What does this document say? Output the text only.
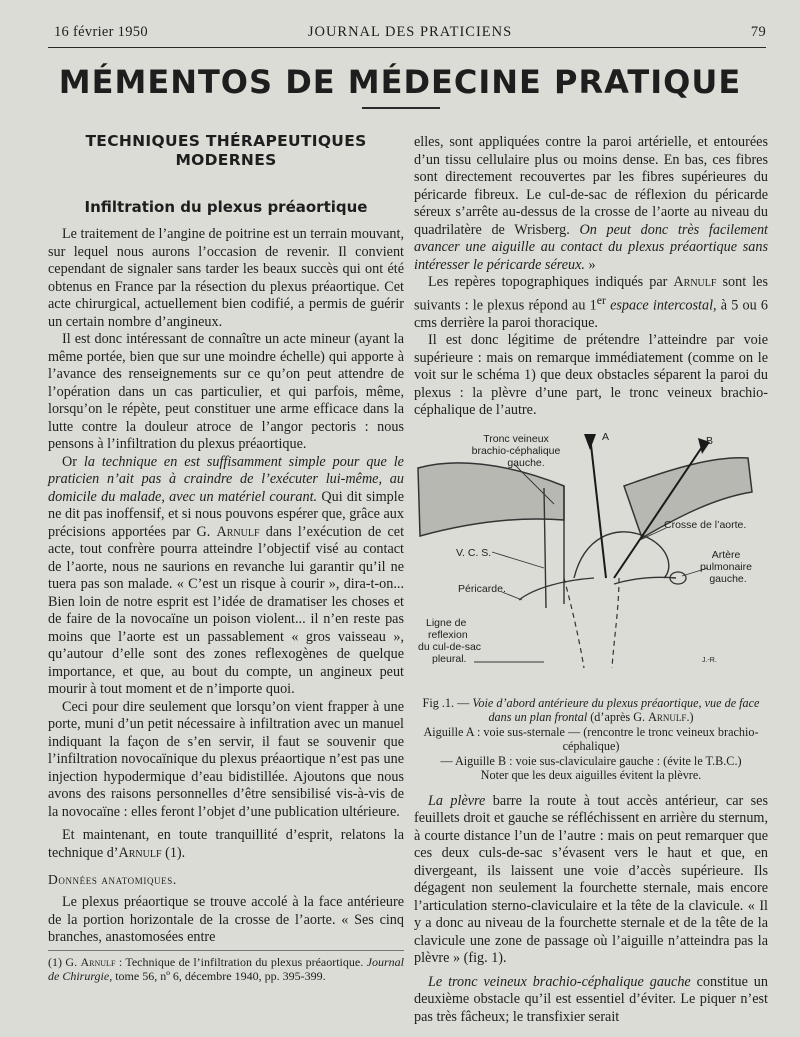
16 février 1950	JOURNAL DES PRATICIENS	79
MÉMENTOS DE MÉDECINE PRATIQUE
TECHNIQUES THÉRAPEUTIQUES MODERNES
Infiltration du plexus préaortique

Le traitement de l’angine de poitrine est un terrain mouvant, sur lequel nous aurons l’occasion de revenir. Il convient cependant de signaler sans tarder les beaux succès qui ont été obtenus en France par la résection du plexus préaortique. Cet acte chirurgical, actuellement bien codifié, a permis de guérir un certain nombre d’angineux.

Il est donc intéressant de connaître un acte mineur (ayant la même portée, bien que sur une moindre échelle) qui apporte à l’avance des renseignements sur ce qu’on peut attendre de l’opération dans un cas particulier, et qui parfois, même, lorsqu’on le répète, peut constituer une arme efficace dans la lutte contre la douleur atroce de l’angor pectoris : nous pensons à l’infiltration du plexus préaortique.

Or la technique en est suffisamment simple pour que le praticien n’ait pas à craindre de l’exécuter lui-même, au domicile du malade, avec un matériel courant. Qui dit simple ne dit pas inoffensif, et si nous pouvons espérer que, grâce aux précisions apportées par G. Arnulf dans l’exécution de cet acte, tout confrère pourra atteindre l’objectif visé au contact de l’aorte, nous ne saurions en revanche lui garantir qu’il ne tuera pas son malade. « C’est un risque à courir », dira-t-on... Bien loin de notre esprit est l’idée de dramatiser les choses et de faire de la novocaïne un poison violent... il n’en reste pas moins que l’aorte est un passablement « gros vaisseau », qu’autour d’elle sont des zones reflexogènes de quelque importance, et que, au bout du compte, un angineux peut mourir à tout moment et de n’importe quoi.

Ceci pour dire seulement que lorsqu’on vient frapper à une porte, muni d’un petit nécessaire à infiltration avec un manuel indiquant la façon de s’en servir, il faut se souvenir que l’infiltration novocaïnique du plexus préaortique n’est pas une injection hypodermique d’eau bidistillée. Ajoutons que nous avons des raisons personnelles d’être sensibilisé vis-à-vis de la novocaïne : elles feront l’objet d’une publication ultérieure.

Et maintenant, en toute tranquillité d’esprit, relatons la technique d’Arnulf (1).

Données anatomiques.

Le plexus préaortique se trouve accolé à la face antérieure de la portion horizontale de la crosse de l’aorte. « Ses cinq branches, anastomosées entre

(1) G. Arnulf : Technique de l’infiltration du plexus préaortique. Journal de Chirurgie, tome 56, nº 6, décembre 1940, pp. 395-399.

elles, sont appliquées contre la paroi artérielle, et entourées d’un tissu cellulaire plus ou moins dense. En bas, ces fibres sont directement recouvertes par les fibres supérieures du péricarde fibreux. Le cul-de-sac de réflexion du péricarde séreux s’arrête au-dessus de la crosse de l’aorte au niveau du quadrilatère de Wrisberg. On peut donc très facilement avancer une aiguille au contact du plexus préaortique sans intéresser le péricarde séreux. »

Les repères topographiques indiqués par Arnulf sont les suivants : le plexus répond au 1er espace intercostal, à 5 ou 6 cms derrière la paroi thoracique.

Il est donc légitime de prétendre l’atteindre par voie supérieure : mais on remarque immédiatement (comme on le voit sur le schéma 1) que deux obstacles séparent la paroi du plexus : la plèvre d’une part, le tronc veineux brachio-céphalique de l’autre.

Tronc veineux brachio-céphalique gauche.
A	B
Crosse de l’aorte.
V. C. S.	Artère pulmonaire gauche.
Péricarde.
Ligne de reflexion du cul-de-sac pleural.	J.-R.
Fig .1. — Voie d’abord antérieure du plexus préaortique, vue de face dans un plan frontal (d’après G. Arnulf.)
Aiguille A : voie sus-sternale — (rencontre le tronc veineux brachio-céphalique)
— Aiguille B : voie sus-claviculaire gauche : (évite le T.B.C.)
Noter que les deux aiguilles évitent la plèvre.

La plèvre barre la route à tout accès antérieur, car ses feuillets droit et gauche se réfléchissent en arrière du sternum, à courte distance l’un de l’autre : mais on peut remarquer que ces deux culs-de-sac s’évasent vers le haut et que, en divergeant, ils laissent une voie d’accès supérieure. Ils dégagent non seulement la fourchette sternale, mais encore l’articulation sterno-claviculaire et la tête de la clavicule. « Il y a donc au niveau de la fourchette sternale et de la tête de la clavicule une zone de passage où l’aiguille n’atteindra pas la plèvre » (fig. 1).

Le tronc veineux brachio-céphalique gauche constitue un deuxième obstacle qu’il est essentiel d’éviter. Le piquer n’est pas très fâcheux; le transfixier serait
